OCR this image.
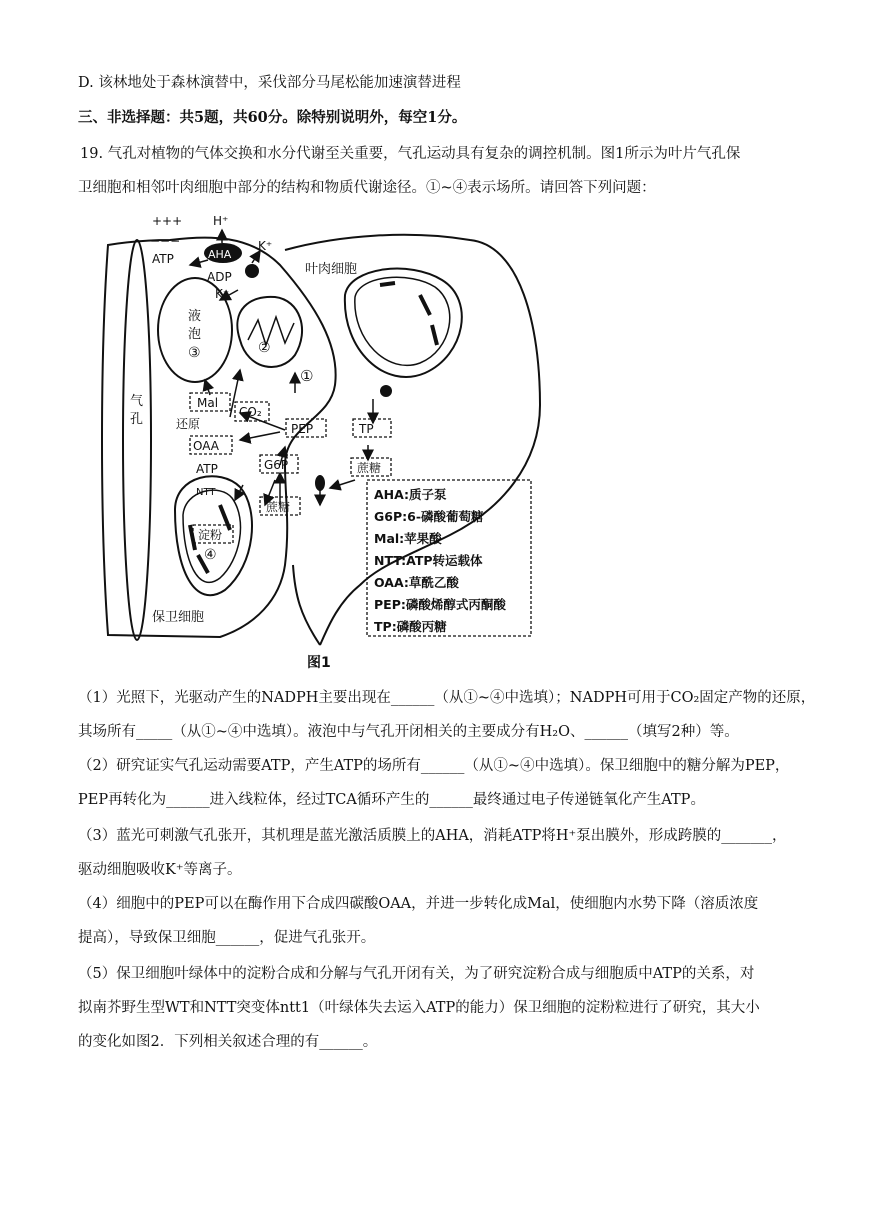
D. 该林地处于森林演替中，采伐部分马尾松能加速演替进程
三、非选择题：共5题，共60分。除特别说明外，每空1分。
19. 气孔对植物的气体交换和水分代谢至关重要，气孔运动具有复杂的调控机制。图1所示为叶片气孔保
卫细胞和相邻叶肉细胞中部分的结构和物质代谢途径。①~④表示场所。请回答下列问题：
+++
−−−
H⁺
AHA
K⁺
ATP
ADP
K⁺
叶肉细胞
液
泡
③	②
①
气
孔
Mal
CO₂
还原
OAA
PEP
G6P
ATP
NTT
淀粉
④
蔗糖
TP
蔗糖
保卫细胞
AHA:质子泵
G6P:6-磷酸葡萄糖
Mal:苹果酸
NTT:ATP转运载体
OAA:草酰乙酸
PEP:磷酸烯醇式丙酮酸
TP:磷酸丙糖
图1
（1）光照下，光驱动产生的NADPH主要出现在______（从①~④中选填）；NADPH可用于CO₂固定产物的还原，
其场所有_____（从①~④中选填）。液泡中与气孔开闭相关的主要成分有H₂O、______（填写2种）等。
（2）研究证实气孔运动需要ATP，产生ATP的场所有______（从①~④中选填）。保卫细胞中的糖分解为PEP，
PEP再转化为______进入线粒体，经过TCA循环产生的______最终通过电子传递链氧化产生ATP。
（3）蓝光可刺激气孔张开，其机理是蓝光激活质膜上的AHA，消耗ATP将H⁺泵出膜外，形成跨膜的_______，
驱动细胞吸收K⁺等离子。
（4）细胞中的PEP可以在酶作用下合成四碳酸OAA，并进一步转化成Mal，使细胞内水势下降（溶质浓度
提高），导致保卫细胞______，促进气孔张开。
（5）保卫细胞叶绿体中的淀粉合成和分解与气孔开闭有关，为了研究淀粉合成与细胞质中ATP的关系，对
拟南芥野生型WT和NTT突变体ntt1（叶绿体失去运入ATP的能力）保卫细胞的淀粉粒进行了研究，其大小
的变化如图2．下列相关叙述合理的有______。
